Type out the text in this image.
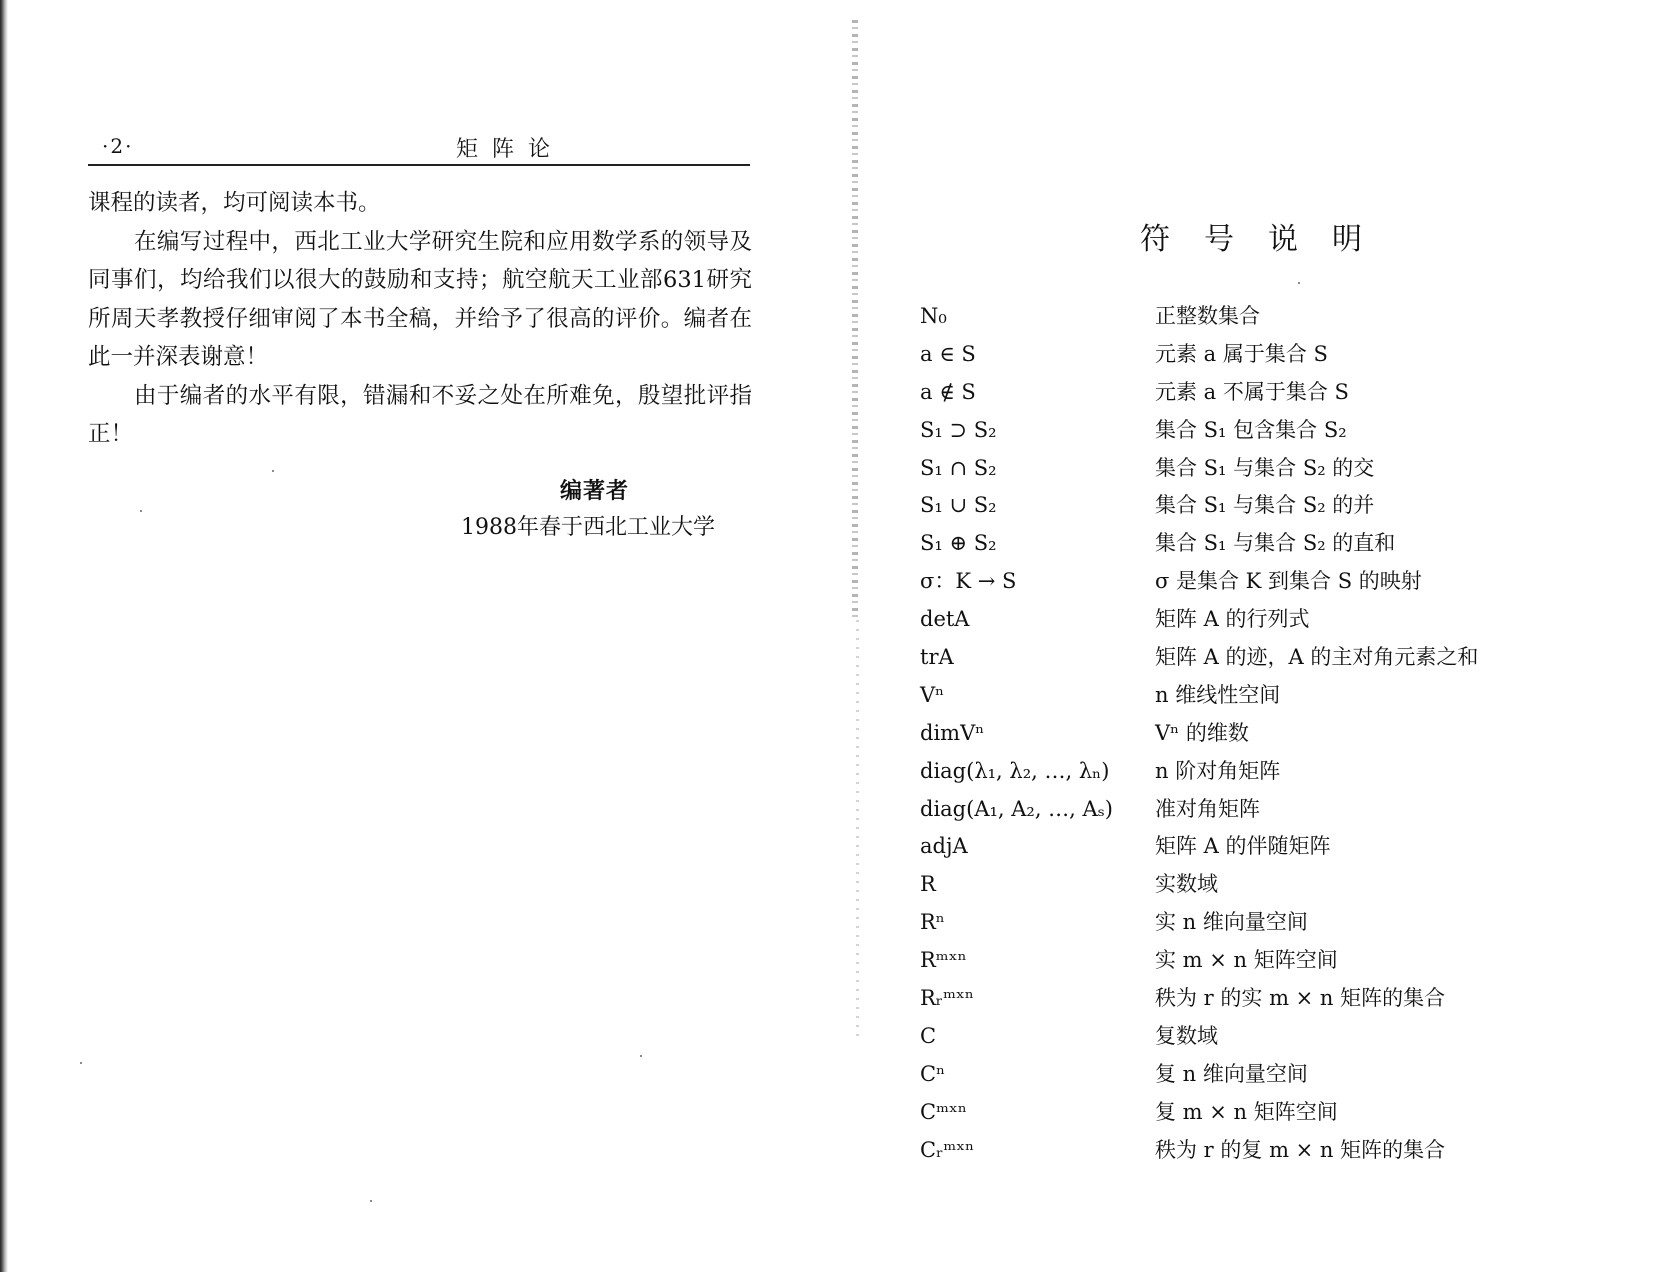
·2·	矩阵论

课程的读者，均可阅读本书。

在编写过程中，西北工业大学研究生院和应用数学系的领导及同事们，均给我们以很大的鼓励和支持；航空航天工业部631研究所周天孝教授仔细审阅了本书全稿，并给予了很高的评价。编者在此一并深表谢意！

由于编者的水平有限，错漏和不妥之处在所难免，殷望批评指正！

编著者
1988年春于西北工业大学
符号说明
N₀	正整数集合
a ∈ S	元素 a 属于集合 S
a ∉ S	元素 a 不属于集合 S
S₁ ⊃ S₂	集合 S₁ 包含集合 S₂
S₁ ∩ S₂	集合 S₁ 与集合 S₂ 的交
S₁ ∪ S₂	集合 S₁ 与集合 S₂ 的并
S₁ ⊕ S₂	集合 S₁ 与集合 S₂ 的直和
σ：K → S	σ 是集合 K 到集合 S 的映射
detA	矩阵 A 的行列式
trA	矩阵 A 的迹，A 的主对角元素之和
Vⁿ	n 维线性空间
dimVⁿ	Vⁿ 的维数
diag(λ₁, λ₂, …, λₙ) n 阶对角矩阵
diag(A₁, A₂, …, Aₛ) 准对角矩阵
adjA	矩阵 A 的伴随矩阵
R	实数域
Rⁿ	实 n 维向量空间
Rᵐˣⁿ	实 m × n 矩阵空间
Rᵣᵐˣⁿ	秩为 r 的实 m × n 矩阵的集合
C	复数域
Cⁿ	复 n 维向量空间
Cᵐˣⁿ	复 m × n 矩阵空间
Cᵣᵐˣⁿ	秩为 r 的复 m × n 矩阵的集合
